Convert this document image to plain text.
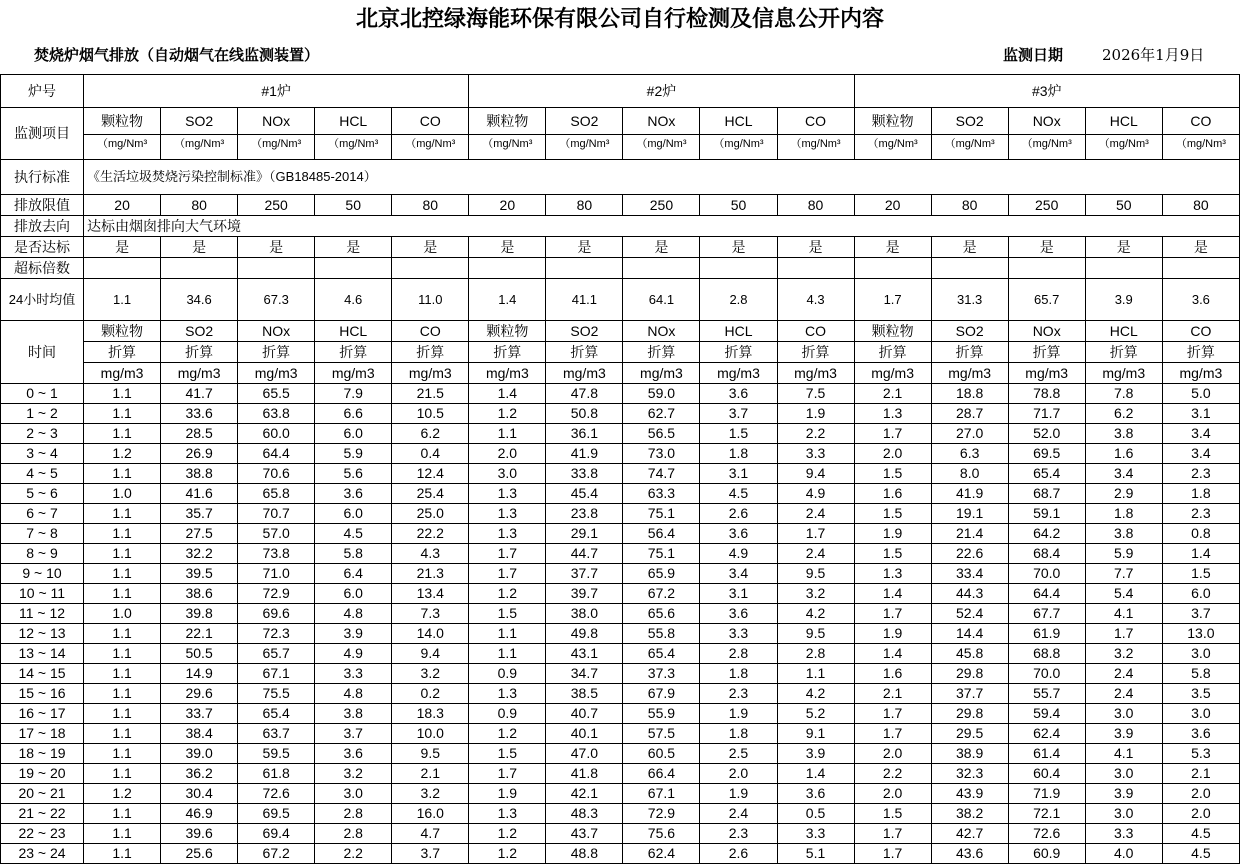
北京北控绿海能环保有限公司自行检测及信息公开内容
焚烧炉烟气排放（自动烟气在线监测装置）	监测日期	2026年1月9日
炉号	#1炉					#2炉					#3炉				
监测项目	颗粒物	SO2	NOx	HCL	CO	颗粒物	SO2	NOx	HCL	CO	颗粒物	SO2	NOx	HCL	CO
	（mg/Nm³	（mg/Nm³	（mg/Nm³	（mg/Nm³	（mg/Nm³	（mg/Nm³	（mg/Nm³	（mg/Nm³	（mg/Nm³	（mg/Nm³	（mg/Nm³	（mg/Nm³	（mg/Nm³	（mg/Nm³	（mg/Nm³
执行标准	《生活垃圾焚烧污染控制标准》（GB18485-2014）														
排放限值	20	80	250	50	80	20	80	250	50	80	20	80	250	50	80
排放去向	达标由烟囱排向大气环境														
是否达标	是	是	是	是	是	是	是	是	是	是	是	是	是	是	是
超标倍数															
24小时均值	1.1	34.6	67.3	4.6	11.0	1.4	41.1	64.1	2.8	4.3	1.7	31.3	65.7	3.9	3.6
时间	颗粒物	SO2	NOx	HCL	CO	颗粒物	SO2	NOx	HCL	CO	颗粒物	SO2	NOx	HCL	CO
	折算	折算	折算	折算	折算	折算	折算	折算	折算	折算	折算	折算	折算	折算	折算
	mg/m3	mg/m3	mg/m3	mg/m3	mg/m3	mg/m3	mg/m3	mg/m3	mg/m3	mg/m3	mg/m3	mg/m3	mg/m3	mg/m3	mg/m3
0 ~ 1	1.1	41.7	65.5	7.9	21.5	1.4	47.8	59.0	3.6	7.5	2.1	18.8	78.8	7.8	5.0
1 ~ 2	1.1	33.6	63.8	6.6	10.5	1.2	50.8	62.7	3.7	1.9	1.3	28.7	71.7	6.2	3.1
2 ~ 3	1.1	28.5	60.0	6.0	6.2	1.1	36.1	56.5	1.5	2.2	1.7	27.0	52.0	3.8	3.4
3 ~ 4	1.2	26.9	64.4	5.9	0.4	2.0	41.9	73.0	1.8	3.3	2.0	6.3	69.5	1.6	3.4
4 ~ 5	1.1	38.8	70.6	5.6	12.4	3.0	33.8	74.7	3.1	9.4	1.5	8.0	65.4	3.4	2.3
5 ~ 6	1.0	41.6	65.8	3.6	25.4	1.3	45.4	63.3	4.5	4.9	1.6	41.9	68.7	2.9	1.8
6 ~ 7	1.1	35.7	70.7	6.0	25.0	1.3	23.8	75.1	2.6	2.4	1.5	19.1	59.1	1.8	2.3
7 ~ 8	1.1	27.5	57.0	4.5	22.2	1.3	29.1	56.4	3.6	1.7	1.9	21.4	64.2	3.8	0.8
8 ~ 9	1.1	32.2	73.8	5.8	4.3	1.7	44.7	75.1	4.9	2.4	1.5	22.6	68.4	5.9	1.4
9 ~ 10	1.1	39.5	71.0	6.4	21.3	1.7	37.7	65.9	3.4	9.5	1.3	33.4	70.0	7.7	1.5
10 ~ 11	1.1	38.6	72.9	6.0	13.4	1.2	39.7	67.2	3.1	3.2	1.4	44.3	64.4	5.4	6.0
11 ~ 12	1.0	39.8	69.6	4.8	7.3	1.5	38.0	65.6	3.6	4.2	1.7	52.4	67.7	4.1	3.7
12 ~ 13	1.1	22.1	72.3	3.9	14.0	1.1	49.8	55.8	3.3	9.5	1.9	14.4	61.9	1.7	13.0
13 ~ 14	1.1	50.5	65.7	4.9	9.4	1.1	43.1	65.4	2.8	2.8	1.4	45.8	68.8	3.2	3.0
14 ~ 15	1.1	14.9	67.1	3.3	3.2	0.9	34.7	37.3	1.8	1.1	1.6	29.8	70.0	2.4	5.8
15 ~ 16	1.1	29.6	75.5	4.8	0.2	1.3	38.5	67.9	2.3	4.2	2.1	37.7	55.7	2.4	3.5
16 ~ 17	1.1	33.7	65.4	3.8	18.3	0.9	40.7	55.9	1.9	5.2	1.7	29.8	59.4	3.0	3.0
17 ~ 18	1.1	38.4	63.7	3.7	10.0	1.2	40.1	57.5	1.8	9.1	1.7	29.5	62.4	3.9	3.6
18 ~ 19	1.1	39.0	59.5	3.6	9.5	1.5	47.0	60.5	2.5	3.9	2.0	38.9	61.4	4.1	5.3
19 ~ 20	1.1	36.2	61.8	3.2	2.1	1.7	41.8	66.4	2.0	1.4	2.2	32.3	60.4	3.0	2.1
20 ~ 21	1.2	30.4	72.6	3.0	3.2	1.9	42.1	67.1	1.9	3.6	2.0	43.9	71.9	3.9	2.0
21 ~ 22	1.1	46.9	69.5	2.8	16.0	1.3	48.3	72.9	2.4	0.5	1.5	38.2	72.1	3.0	2.0
22 ~ 23	1.1	39.6	69.4	2.8	4.7	1.2	43.7	75.6	2.3	3.3	1.7	42.7	72.6	3.3	4.5
23 ~ 24	1.1	25.6	67.2	2.2	3.7	1.2	48.8	62.4	2.6	5.1	1.7	43.6	60.9	4.0	4.5
